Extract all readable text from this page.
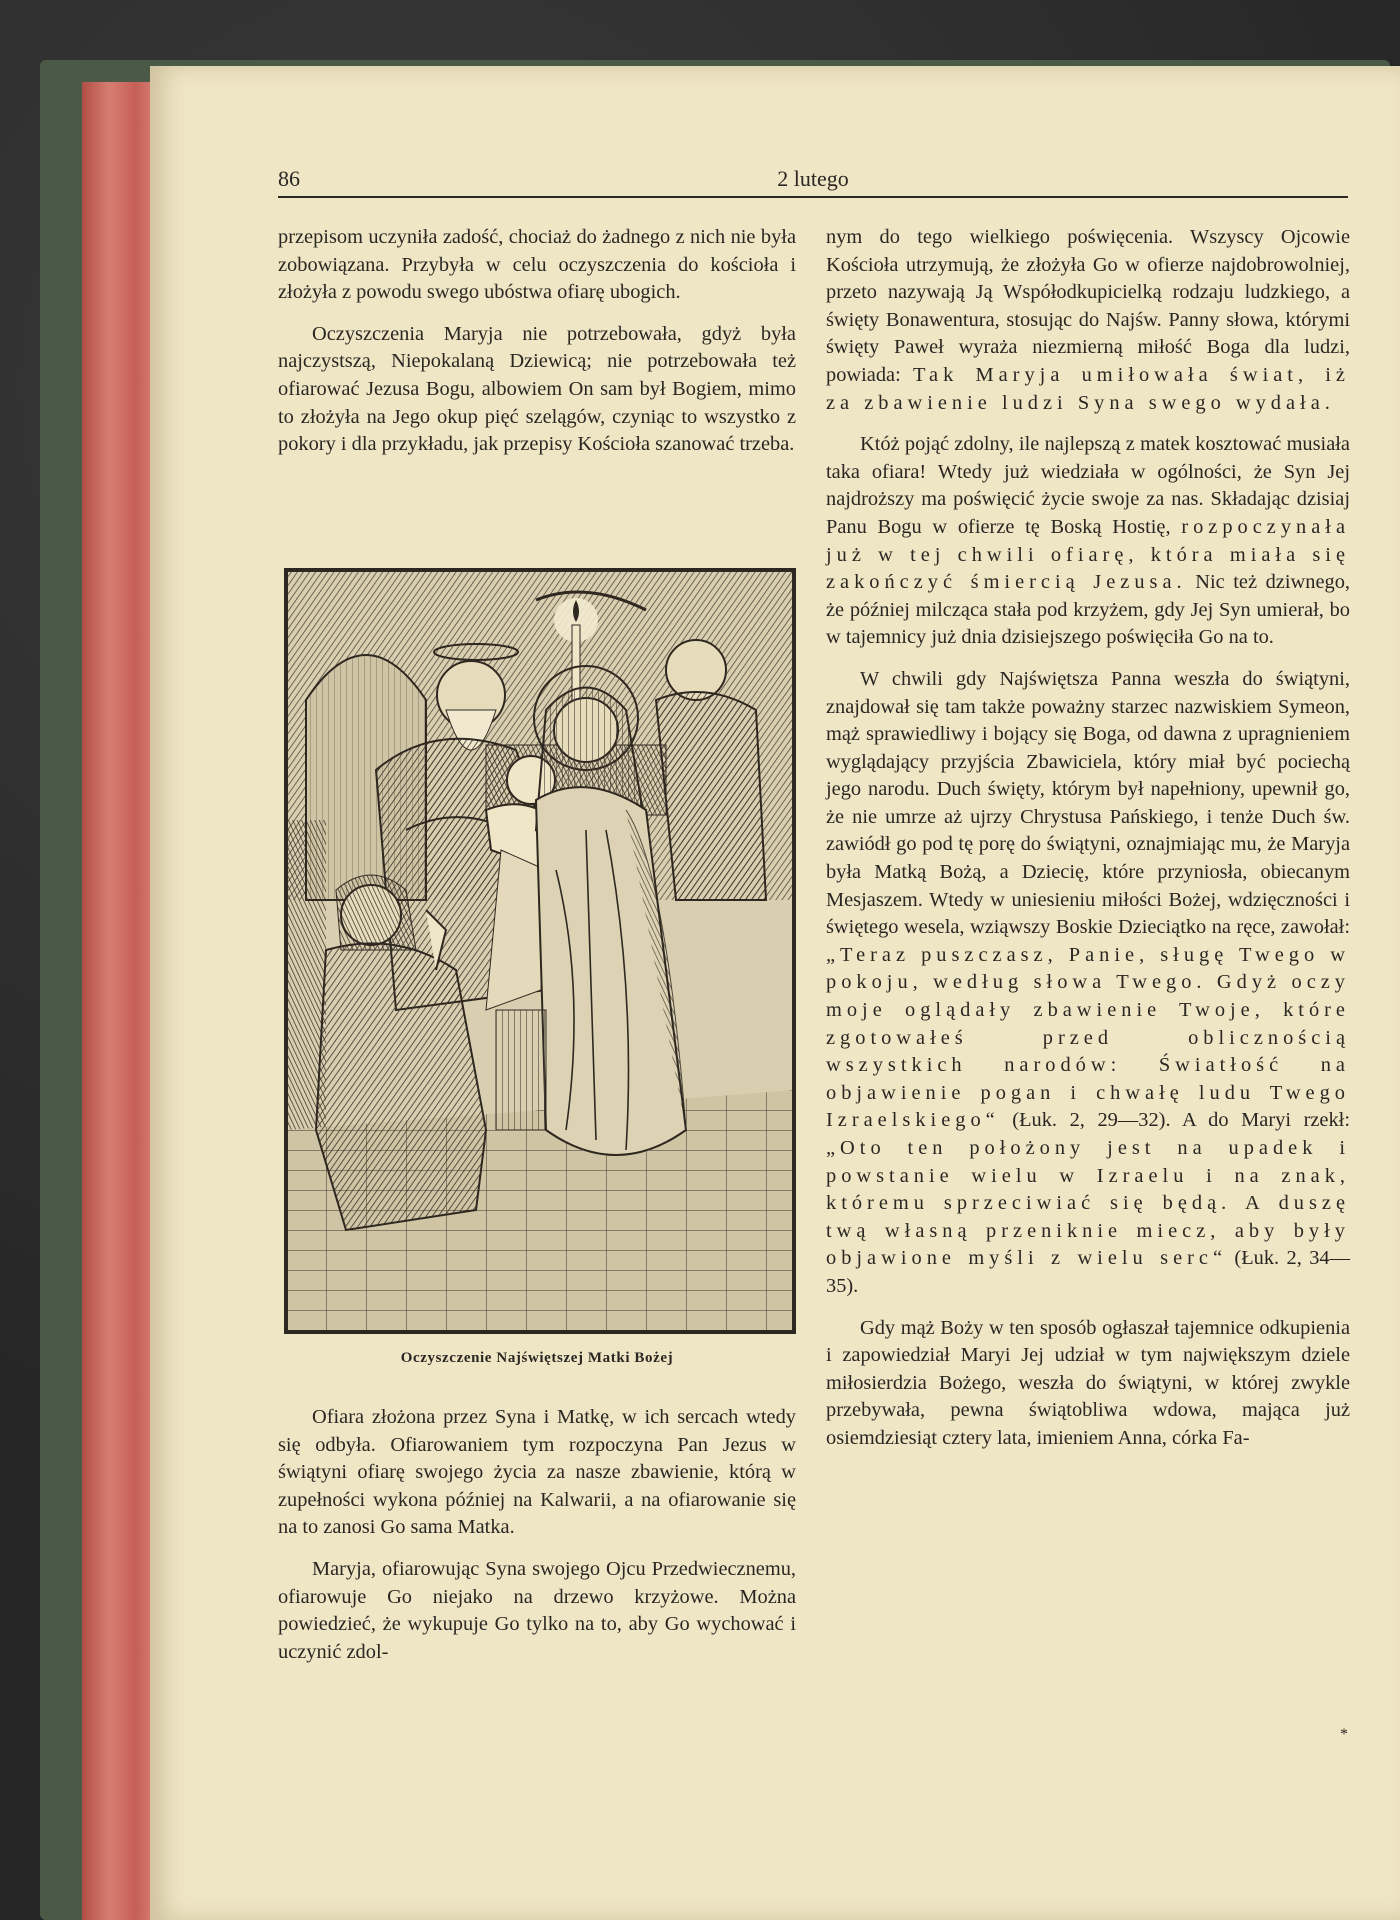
86	2 lutego

przepisom uczyniła zadość, chociaż do żadnego z nich nie była zobowiązana. Przybyła w celu oczyszczenia do kościoła i złożyła z powodu swego ubóstwa ofiarę ubogich.

Oczyszczenia Maryja nie potrzebowała, gdyż była najczystszą, Niepokalaną Dziewicą; nie potrzebowała też ofiarować Jezusa Bogu, albowiem On sam był Bogiem, mimo to złożyła na Jego okup pięć szelągów, czyniąc to wszystko z pokory i dla przykładu, jak przepisy Kościoła szanować trzeba.

Oczyszczenie Najświętszej Matki Bożej

Ofiara złożona przez Syna i Matkę, w ich sercach wtedy się odbyła. Ofiarowaniem tym rozpoczyna Pan Jezus w świątyni ofiarę swojego życia za nasze zbawienie, którą w zupełności wykona później na Kalwarii, a na ofiarowanie się na to zanosi Go sama Matka.

Maryja, ofiarowując Syna swojego Ojcu Przedwiecznemu, ofiarowuje Go niejako na drzewo krzyżowe. Można powiedzieć, że wykupuje Go tylko na to, aby Go wychować i uczynić zdol-

nym do tego wielkiego poświęcenia. Wszyscy Ojcowie Kościoła utrzymują, że złożyła Go w ofierze najdobrowolniej, przeto nazywają Ją Współodkupicielką rodzaju ludzkiego, a święty Bonawentura, stosując do Najśw. Panny słowa, którymi święty Paweł wyraża niezmierną miłość Boga dla ludzi, powiada: Tak Maryja umiłowała świat, iż za zbawienie ludzi Syna swego wydała.

Któż pojąć zdolny, ile najlepszą z matek kosztować musiała taka ofiara! Wtedy już wiedziała w ogólności, że Syn Jej najdroższy ma poświęcić życie swoje za nas. Składając dzisiaj Panu Bogu w ofierze tę Boską Hostię, rozpoczynała już w tej chwili ofiarę, która miała się zakończyć śmiercią Jezusa. Nic też dziwnego, że później milcząca stała pod krzyżem, gdy Jej Syn umierał, bo w tajemnicy już dnia dzisiejszego poświęciła Go na to.

W chwili gdy Najświętsza Panna weszła do świątyni, znajdował się tam także poważny starzec nazwiskiem Symeon, mąż sprawiedliwy i bojący się Boga, od dawna z upragnieniem wyglądający przyjścia Zbawiciela, który miał być pociechą jego narodu. Duch święty, którym był napełniony, upewnił go, że nie umrze aż ujrzy Chrystusa Pańskiego, i tenże Duch św. zawiódł go pod tę porę do świątyni, oznajmiając mu, że Maryja była Matką Bożą, a Dziecię, które przyniosła, obiecanym Mesjaszem. Wtedy w uniesieniu miłości Bożej, wdzięczności i świętego wesela, wziąwszy Boskie Dzieciątko na ręce, zawołał: „Teraz puszczasz, Panie, sługę Twego w pokoju, według słowa Twego. Gdyż oczy moje oglądały zbawienie Twoje, które zgotowałeś przed oblicznością wszystkich narodów: Światłość na objawienie pogan i chwałę ludu Twego Izraelskiego“ (Łuk. 2, 29—32). A do Maryi rzekł: „Oto ten położony jest na upadek i powstanie wielu w Izraelu i na znak, któremu sprzeciwiać się będą. A duszę twą własną przeniknie miecz, aby były objawione myśli z wielu serc“ (Łuk. 2, 34—35).

Gdy mąż Boży w ten sposób ogłaszał tajemnice odkupienia i zapowiedział Maryi Jej udział w tym największym dziele miłosierdzia Bożego, weszła do świątyni, w której zwykle przebywała, pewna świątobliwa wdowa, mająca już osiemdziesiąt cztery lata, imieniem Anna, córka Fa-

*
